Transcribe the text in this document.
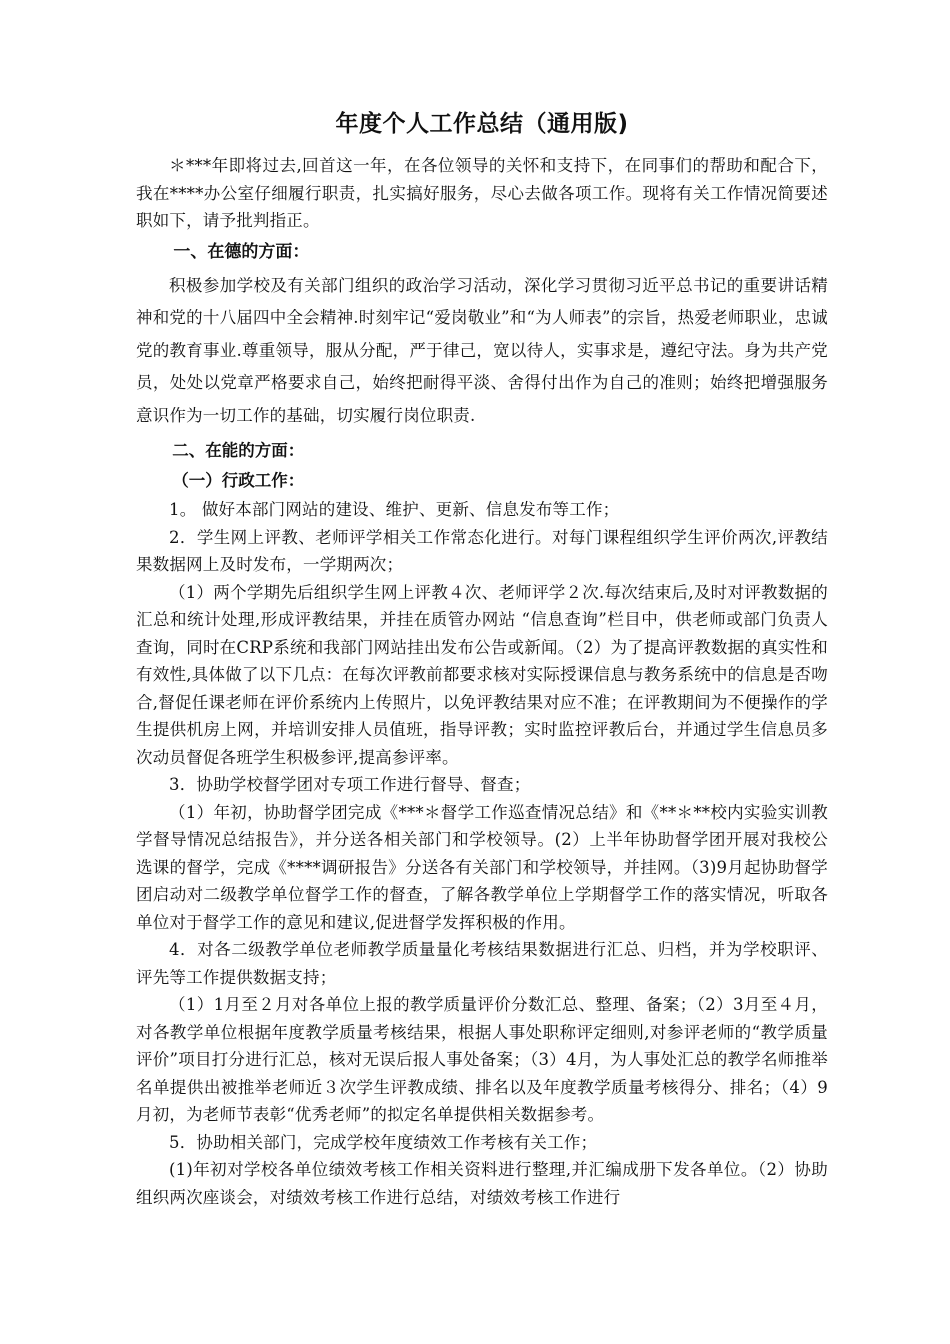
年度个人工作总结（通用版)

＊***年即将过去,回首这一年，在各位领导的关怀和支持下，在同事们的帮助和配合下，我在****办公室仔细履行职责，扎实搞好服务，尽心去做各项工作。现将有关工作情况简要述职如下，请予批判指正。

一、在德的方面：

积极参加学校及有关部门组织的政治学习活动，深化学习贯彻习近平总书记的重要讲话精神和党的十八届四中全会精神.时刻牢记“爱岗敬业”和“为人师表”的宗旨，热爱老师职业，忠诚党的教育事业.尊重领导，服从分配，严于律己，宽以待人，实事求是，遵纪守法。身为共产党员，处处以党章严格要求自己，始终把耐得平淡、舍得付出作为自己的准则；始终把增强服务意识作为一切工作的基础，切实履行岗位职责.

二、在能的方面：

（一）行政工作：

1。 做好本部门网站的建设、维护、更新、信息发布等工作；

2．学生网上评教、老师评学相关工作常态化进行。对每门课程组织学生评价两次,评教结果数据网上及时发布，一学期两次；

（1）两个学期先后组织学生网上评教４次、老师评学２次.每次结束后,及时对评教数据的汇总和统计处理,形成评教结果，并挂在质管办网站 “信息查询”栏目中，供老师或部门负责人查询，同时在CRP系统和我部门网站挂出发布公告或新闻。（2）为了提高评教数据的真实性和有效性,具体做了以下几点：在每次评教前都要求核对实际授课信息与教务系统中的信息是否吻合,督促任课老师在评价系统内上传照片，以免评教结果对应不准；在评教期间为不便操作的学生提供机房上网，并培训安排人员值班，指导评教；实时监控评教后台，并通过学生信息员多次动员督促各班学生积极参评,提高参评率。

3．协助学校督学团对专项工作进行督导、督查；

（1）年初，协助督学团完成《***＊督学工作巡查情况总结》和《**＊**校内实验实训教学督导情况总结报告》，并分送各相关部门和学校领导。(2）上半年协助督学团开展对我校公选课的督学，完成《****调研报告》分送各有关部门和学校领导，并挂网。（3)9月起协助督学团启动对二级教学单位督学工作的督查，了解各教学单位上学期督学工作的落实情况，听取各单位对于督学工作的意见和建议,促进督学发挥积极的作用。

4．对各二级教学单位老师教学质量量化考核结果数据进行汇总、归档，并为学校职评、评先等工作提供数据支持；

（1）1月至２月对各单位上报的教学质量评价分数汇总、整理、备案；（2）3月至４月，对各教学单位根据年度教学质量考核结果，根据人事处职称评定细则,对参评老师的“教学质量评价”项目打分进行汇总，核对无误后报人事处备案；（3）4月，为人事处汇总的教学名师推举名单提供出被推举老师近３次学生评教成绩、排名以及年度教学质量考核得分、排名；（4）9月初，为老师节表彰“优秀老师”的拟定名单提供相关数据参考。

5．协助相关部门，完成学校年度绩效工作考核有关工作；

(1)年初对学校各单位绩效考核工作相关资料进行整理,并汇编成册下发各单位。（2）协助组织两次座谈会，对绩效考核工作进行总结，对绩效考核工作进行
